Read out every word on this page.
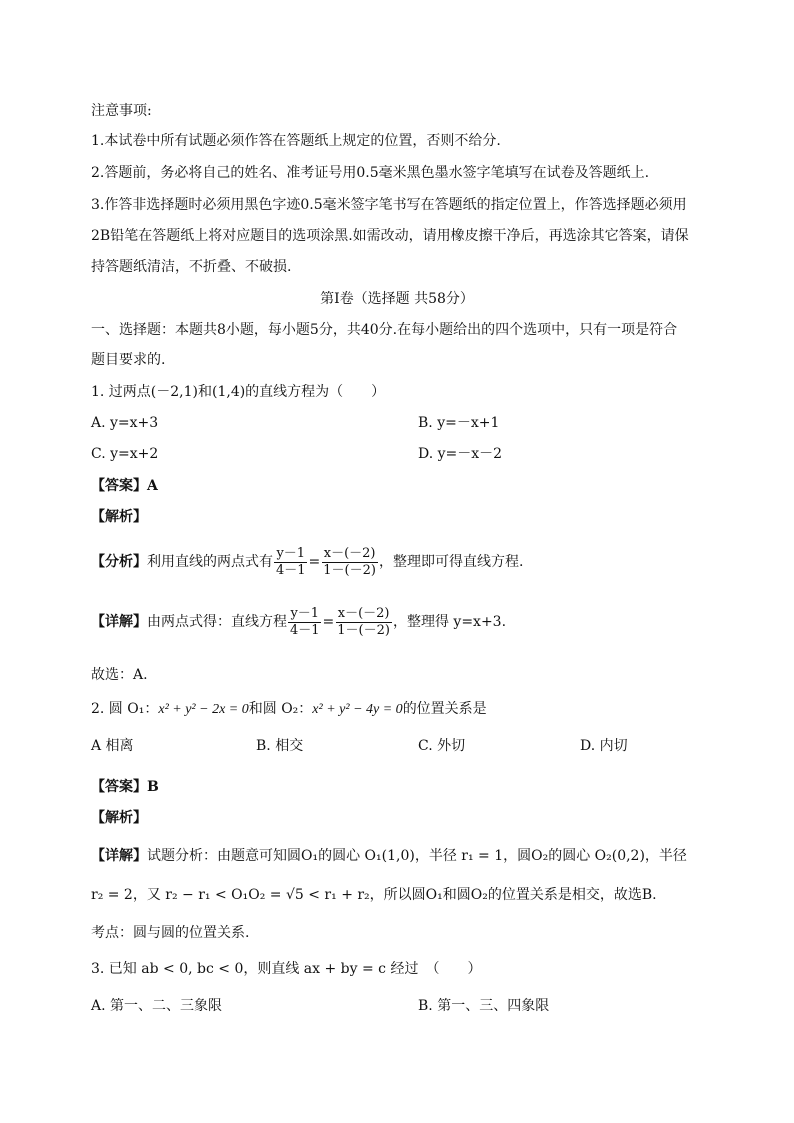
注意事项:
1.本试卷中所有试题必须作答在答题纸上规定的位置，否则不给分.
2.答题前，务必将自己的姓名、准考证号用0.5毫米黑色墨水签字笔填写在试卷及答题纸上.
3.作答非选择题时必须用黑色字迹0.5毫米签字笔书写在答题纸的指定位置上，作答选择题必须用
2B铅笔在答题纸上将对应题目的选项涂黑.如需改动，请用橡皮擦干净后，再选涂其它答案，请保
持答题纸清洁，不折叠、不破损.
第Ⅰ卷（选择题 共58分）
一、选择题：本题共8小题，每小题5分，共40分.在每小题给出的四个选项中，只有一项是符合
题目要求的.
1. 过两点(－2,1)和(1,4)的直线方程为（　　）
A. y=x+3	B. y=－x+1
C. y=x+2	D. y=－x－2
【答案】A
【解析】
【分析】利用直线的两点式有 $\frac{y-1}{4-1} = \frac{x-(-2)}{1-(-2)}$ ，整理即可得直线方程.
【详解】由两点式得：直线方程 $\frac{y-1}{4-1} = \frac{x-(-2)}{1-(-2)}$ ，整理得 y=x+3.
故选：A.
2. 圆 O₁：x² + y² − 2x = 0和圆 O₂：x² + y² − 4y = 0的位置关系是
A 相离	B. 相交	C. 外切	D. 内切
【答案】B
【解析】
【详解】试题分析：由题意可知圆O₁的圆心 O₁(1,0)，半径 r₁ = 1，圆O₂的圆心 O₂(0,2)，半径
r₂ = 2，又 r₂ − r₁ < O₁O₂ = √5 < r₁ + r₂，所以圆O₁和圆O₂的位置关系是相交，故选B.
考点：圆与圆的位置关系.
3. 已知 ab < 0, bc < 0，则直线 ax + by = c 经过　（　　）
A. 第一、二、三象限	B. 第一、三、四象限
